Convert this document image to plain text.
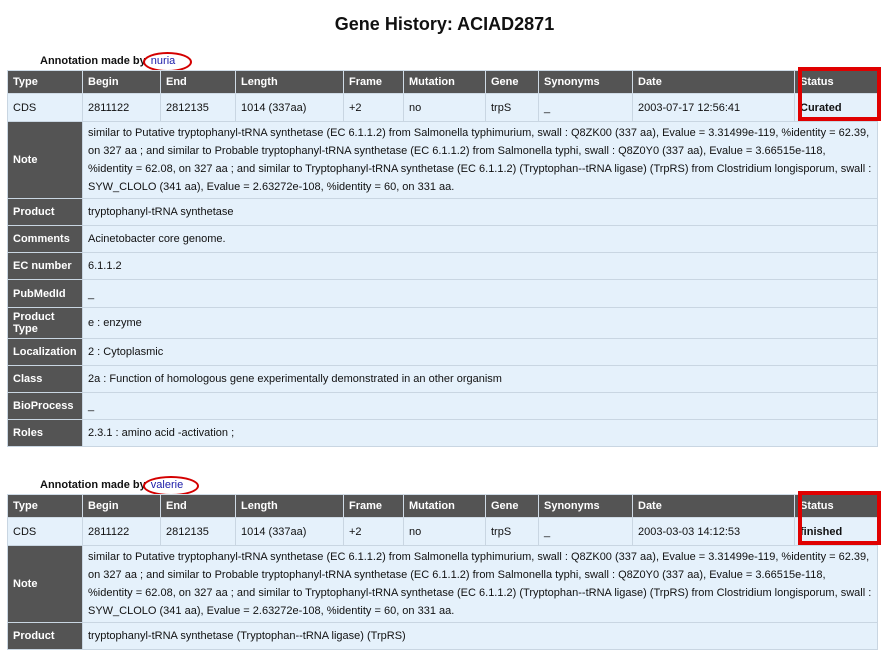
Gene History: ACIAD2871
Annotation made by nuria
Type	Begin	End	Length	Frame	Mutation	Gene	Synonyms	Date	Status
CDS	2811122	2812135	1014 (337aa)	+2	no	trpS	_	2003-07-17 12:56:41	Curated
Note	similar to Putative tryptophanyl-tRNA synthetase (EC 6.1.1.2) from Salmonella typhimurium, swall : Q8ZK00 (337 aa), Evalue = 3.31499e-119, %identity = 62.39, on 327 aa ; and similar to Probable tryptophanyl-tRNA synthetase (EC 6.1.1.2) from Salmonella typhi, swall : Q8Z0Y0 (337 aa), Evalue = 3.66515e-118, %identity = 62.08, on 327 aa ; and similar to Tryptophanyl-tRNA synthetase (EC 6.1.1.2) (Tryptophan--tRNA ligase) (TrpRS) from Clostridium longisporum, swall : SYW_CLOLO (341 aa), Evalue = 2.63272e-108, %identity = 60, on 331 aa.								
Product	tryptophanyl-tRNA synthetase								
Comments	Acinetobacter core genome.								
EC number	6.1.1.2								
PubMedId	_								
Product Type	e : enzyme								
Localization	2 : Cytoplasmic								
Class	2a : Function of homologous gene experimentally demonstrated in an other organism								
BioProcess	_								
Roles	2.3.1 : amino acid -activation ;								
Annotation made by valerie
Type	Begin	End	Length	Frame	Mutation	Gene	Synonyms	Date	Status
CDS	2811122	2812135	1014 (337aa)	+2	no	trpS	_	2003-03-03 14:12:53	finished
Note	similar to Putative tryptophanyl-tRNA synthetase (EC 6.1.1.2) from Salmonella typhimurium, swall : Q8ZK00 (337 aa), Evalue = 3.31499e-119, %identity = 62.39, on 327 aa ; and similar to Probable tryptophanyl-tRNA synthetase (EC 6.1.1.2) from Salmonella typhi, swall : Q8Z0Y0 (337 aa), Evalue = 3.66515e-118, %identity = 62.08, on 327 aa ; and similar to Tryptophanyl-tRNA synthetase (EC 6.1.1.2) (Tryptophan--tRNA ligase) (TrpRS) from Clostridium longisporum, swall : SYW_CLOLO (341 aa), Evalue = 2.63272e-108, %identity = 60, on 331 aa.								
Product	tryptophanyl-tRNA synthetase (Tryptophan--tRNA ligase) (TrpRS)								
